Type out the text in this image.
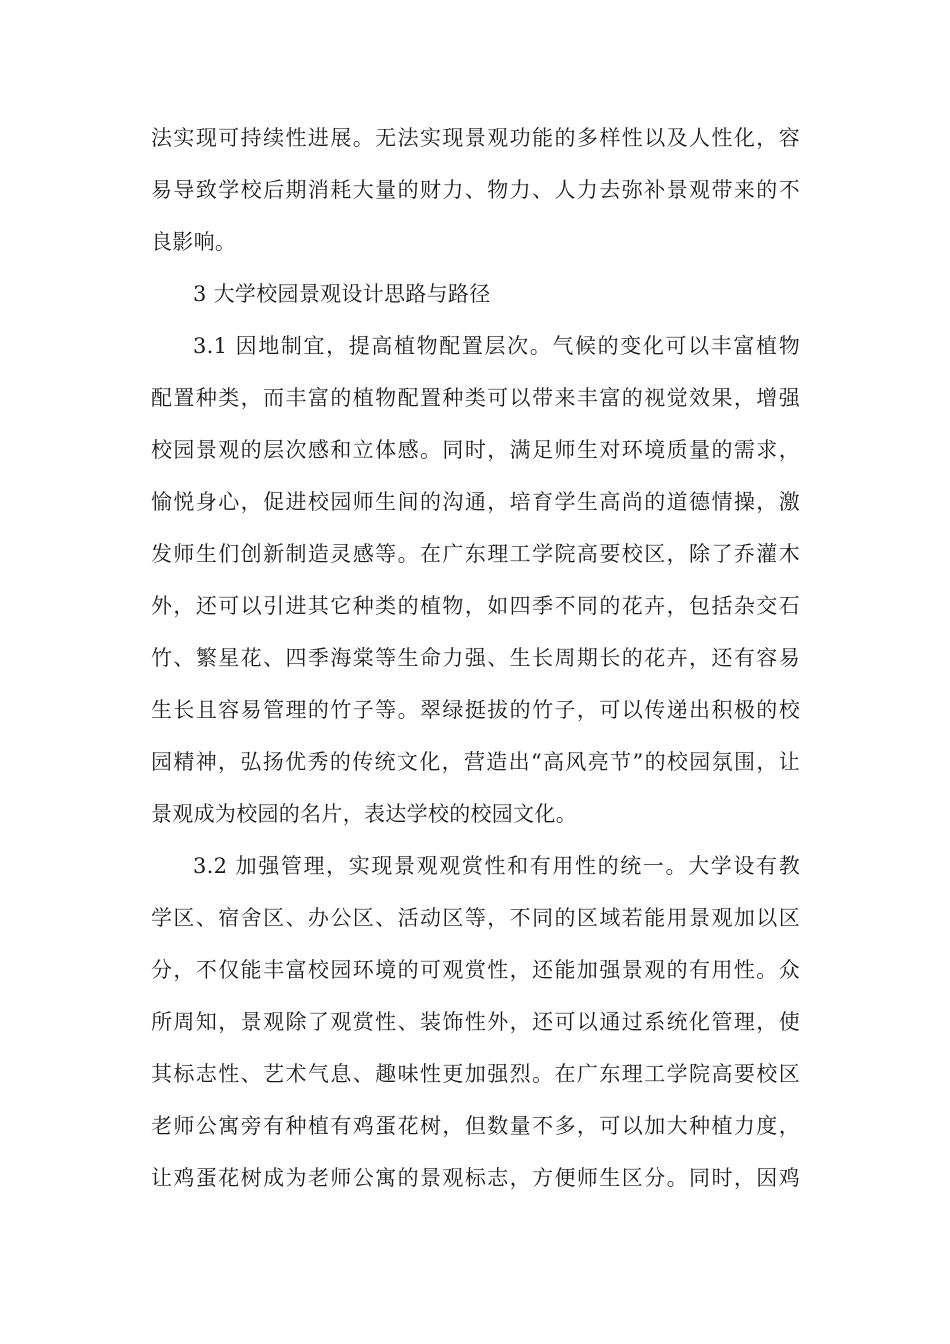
法实现可持续性进展。无法实现景观功能的多样性以及人性化，容
易导致学校后期消耗大量的财力、物力、人力去弥补景观带来的不
良影响。
3 大学校园景观设计思路与路径
3.1 因地制宜，提高植物配置层次。气候的变化可以丰富植物
配置种类，而丰富的植物配置种类可以带来丰富的视觉效果，增强
校园景观的层次感和立体感。同时，满足师生对环境质量的需求，
愉悦身心，促进校园师生间的沟通，培育学生高尚的道德情操，激
发师生们创新制造灵感等。在广东理工学院高要校区，除了乔灌木
外，还可以引进其它种类的植物，如四季不同的花卉，包括杂交石
竹、繁星花、四季海棠等生命力强、生长周期长的花卉，还有容易
生长且容易管理的竹子等。翠绿挺拔的竹子，可以传递出积极的校
园精神，弘扬优秀的传统文化，营造出“高风亮节”的校园氛围，让
景观成为校园的名片，表达学校的校园文化。
3.2 加强管理，实现景观观赏性和有用性的统一。大学设有教
学区、宿舍区、办公区、活动区等，不同的区域若能用景观加以区
分，不仅能丰富校园环境的可观赏性，还能加强景观的有用性。众
所周知，景观除了观赏性、装饰性外，还可以通过系统化管理，使
其标志性、艺术气息、趣味性更加强烈。在广东理工学院高要校区
老师公寓旁有种植有鸡蛋花树，但数量不多，可以加大种植力度，
让鸡蛋花树成为老师公寓的景观标志，方便师生区分。同时，因鸡
